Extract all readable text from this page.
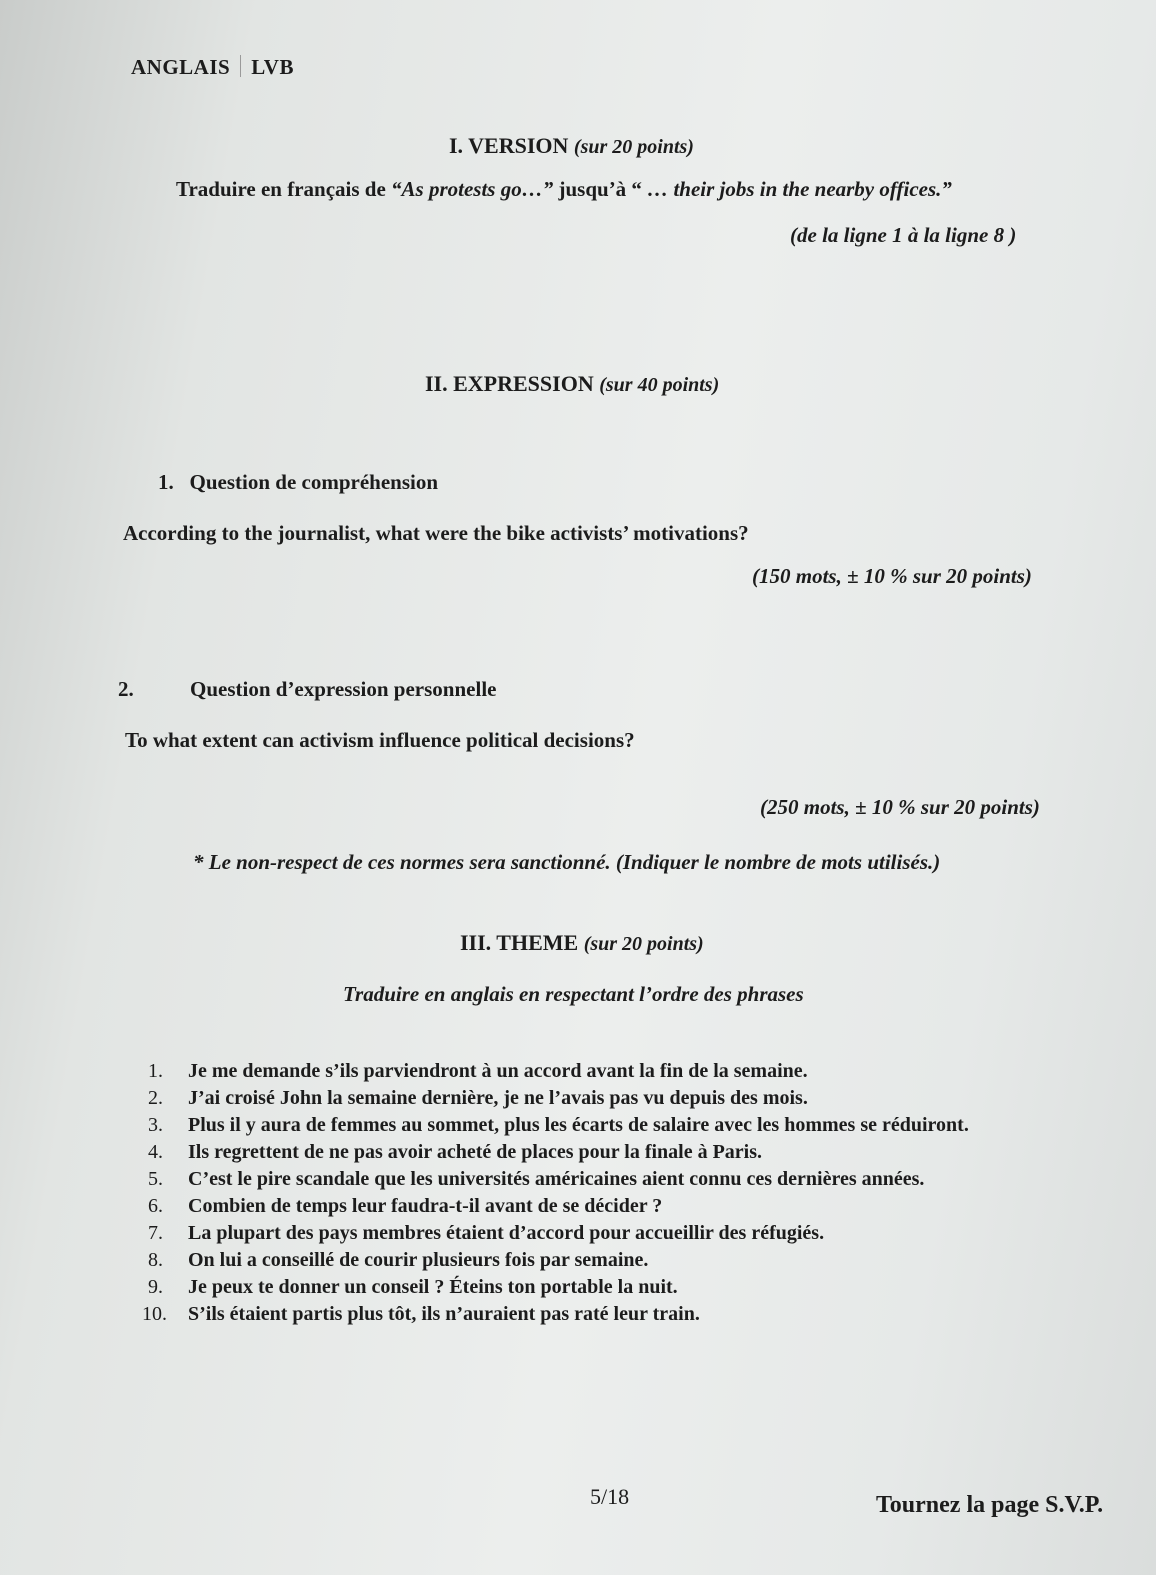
ANGLAIS LVB
I. VERSION (sur 20 points)
Traduire en français de “As protests go…” jusqu’à “ … their jobs in the nearby offices.”
(de la ligne 1 à la ligne 8 )
II. EXPRESSION (sur 40 points)
1.   Question de compréhension
According to the journalist, what were the bike activists’ motivations?
(150 mots, ± 10 % sur 20 points)
2.	Question d’expression personnelle
To what extent can activism influence political decisions?
(250 mots, ± 10 % sur 20 points)
* Le non-respect de ces normes sera sanctionné. (Indiquer le nombre de mots utilisés.)
III. THEME (sur 20 points)
Traduire en anglais en respectant l’ordre des phrases
1. Je me demande s’ils parviendront à un accord avant la fin de la semaine.
2. J’ai croisé John la semaine dernière, je ne l’avais pas vu depuis des mois.
3. Plus il y aura de femmes au sommet, plus les écarts de salaire avec les hommes se réduiront.
4. Ils regrettent de ne pas avoir acheté de places pour la finale à Paris.
5. C’est le pire scandale que les universités américaines aient connu ces dernières années.
6. Combien de temps leur faudra-t-il avant de se décider ?
7. La plupart des pays membres étaient d’accord pour accueillir des réfugiés.
8. On lui a conseillé de courir plusieurs fois par semaine.
9. Je peux te donner un conseil ? Éteins ton portable la nuit.
10. S’ils étaient partis plus tôt, ils n’auraient pas raté leur train.
5/18	Tournez la page S.V.P.
